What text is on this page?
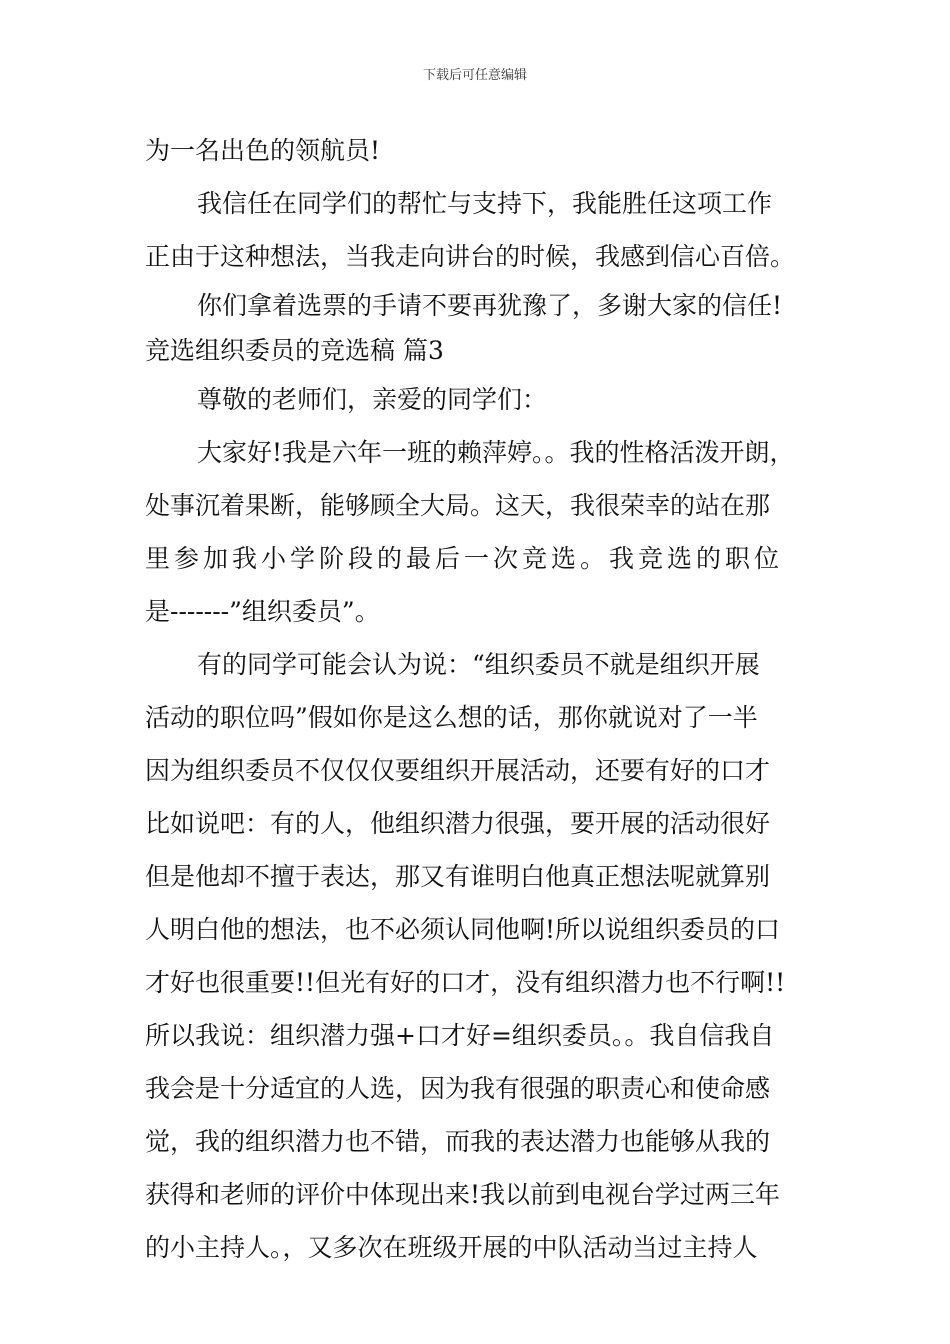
下载后可任意编辑
为一名出色的领航员!
我信任在同学们的帮忙与支持下，我能胜任这项工作
正由于这种想法，当我走向讲台的时候，我感到信心百倍。
你们拿着选票的手请不要再犹豫了，多谢大家的信任!
竞选组织委员的竞选稿 篇3
尊敬的老师们，亲爱的同学们：
大家好!我是六年一班的赖萍婷。。我的性格活泼开朗，
处事沉着果断，能够顾全大局。这天，我很荣幸的站在那
里参加我小学阶段的最后一次竞选。我竞选的职位
是-------”组织委员”。
有的同学可能会认为说：“组织委员不就是组织开展
活动的职位吗”假如你是这么想的话，那你就说对了一半
因为组织委员不仅仅仅要组织开展活动，还要有好的口才
比如说吧：有的人，他组织潜力很强，要开展的活动很好
但是他却不擅于表达，那又有谁明白他真正想法呢就算别
人明白他的想法，也不必须认同他啊!所以说组织委员的口
才好也很重要!!但光有好的口才，没有组织潜力也不行啊!!
所以我说：组织潜力强+口才好=组织委员。。我自信我自
我会是十分适宜的人选，因为我有很强的职责心和使命感
觉，我的组织潜力也不错，而我的表达潜力也能够从我的
获得和老师的评价中体现出来!我以前到电视台学过两三年
的小主持人。，又多次在班级开展的中队活动当过主持人
